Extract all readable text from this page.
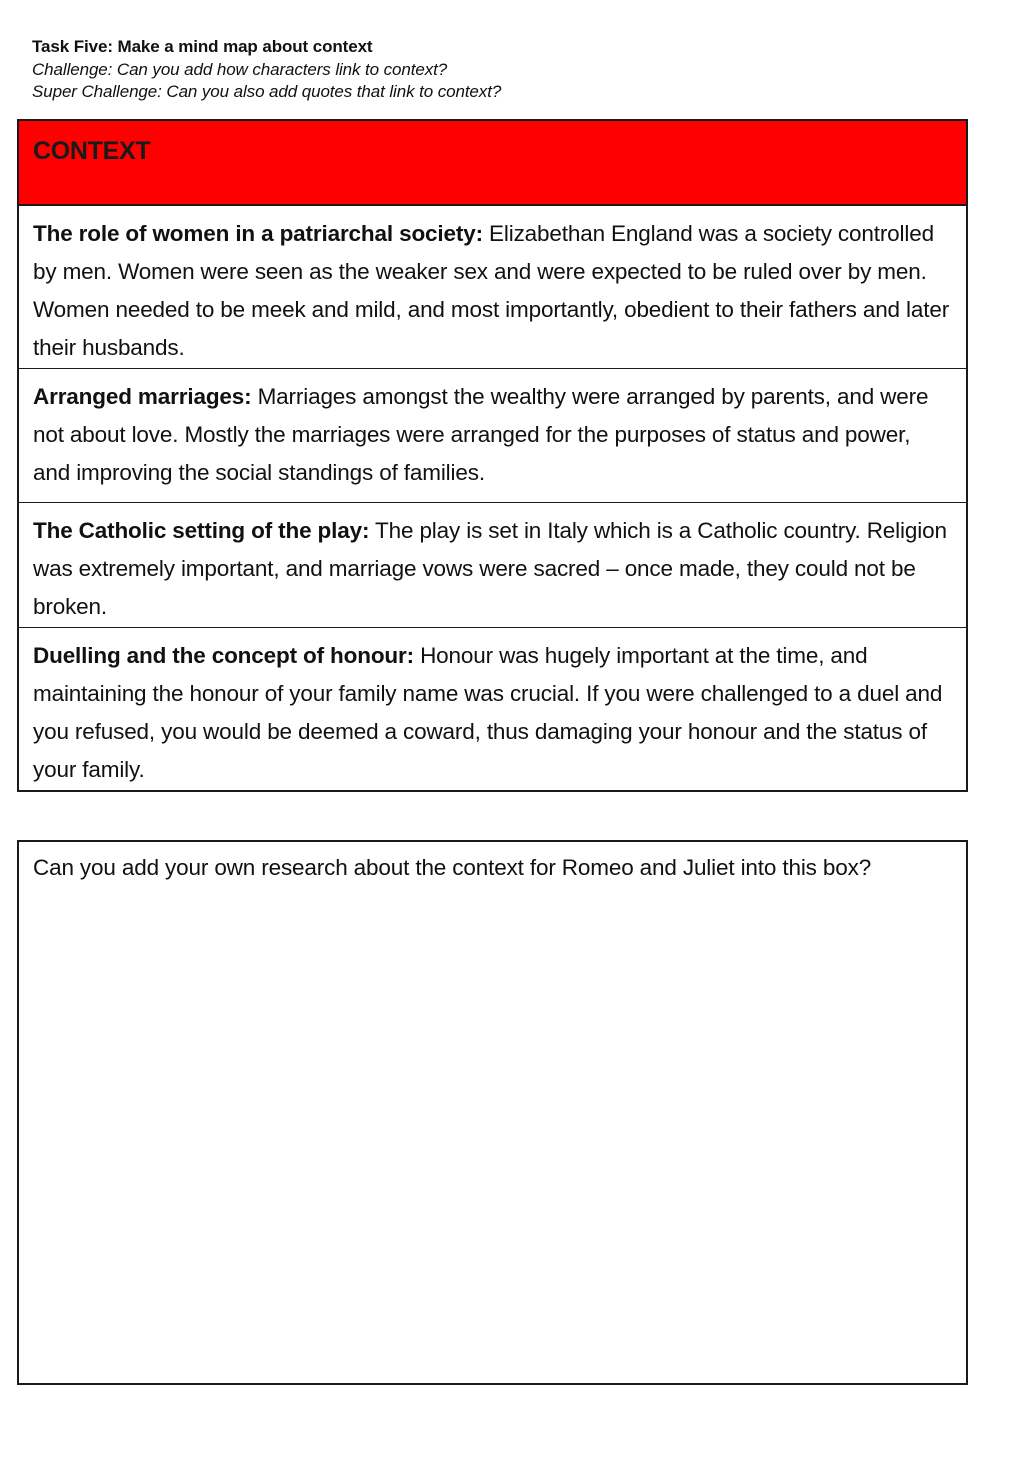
Task Five: Make a mind map about context
Challenge: Can you add how characters link to context?
Super Challenge: Can you also add quotes that link to context?
CONTEXT
The role of women in a patriarchal society: Elizabethan England was a society controlled by men. Women were seen as the weaker sex and were expected to be ruled over by men. Women needed to be meek and mild, and most importantly, obedient to their fathers and later their husbands.
Arranged marriages: Marriages amongst the wealthy were arranged by parents, and were not about love. Mostly the marriages were arranged for the purposes of status and power, and improving the social standings of families.
The Catholic setting of the play: The play is set in Italy which is a Catholic country. Religion was extremely important, and marriage vows were sacred – once made, they could not be broken.
Duelling and the concept of honour: Honour was hugely important at the time, and maintaining the honour of your family name was crucial. If you were challenged to a duel and you refused, you would be deemed a coward, thus damaging your honour and the status of your family.
Can you add your own research about the context for Romeo and Juliet into this box?
